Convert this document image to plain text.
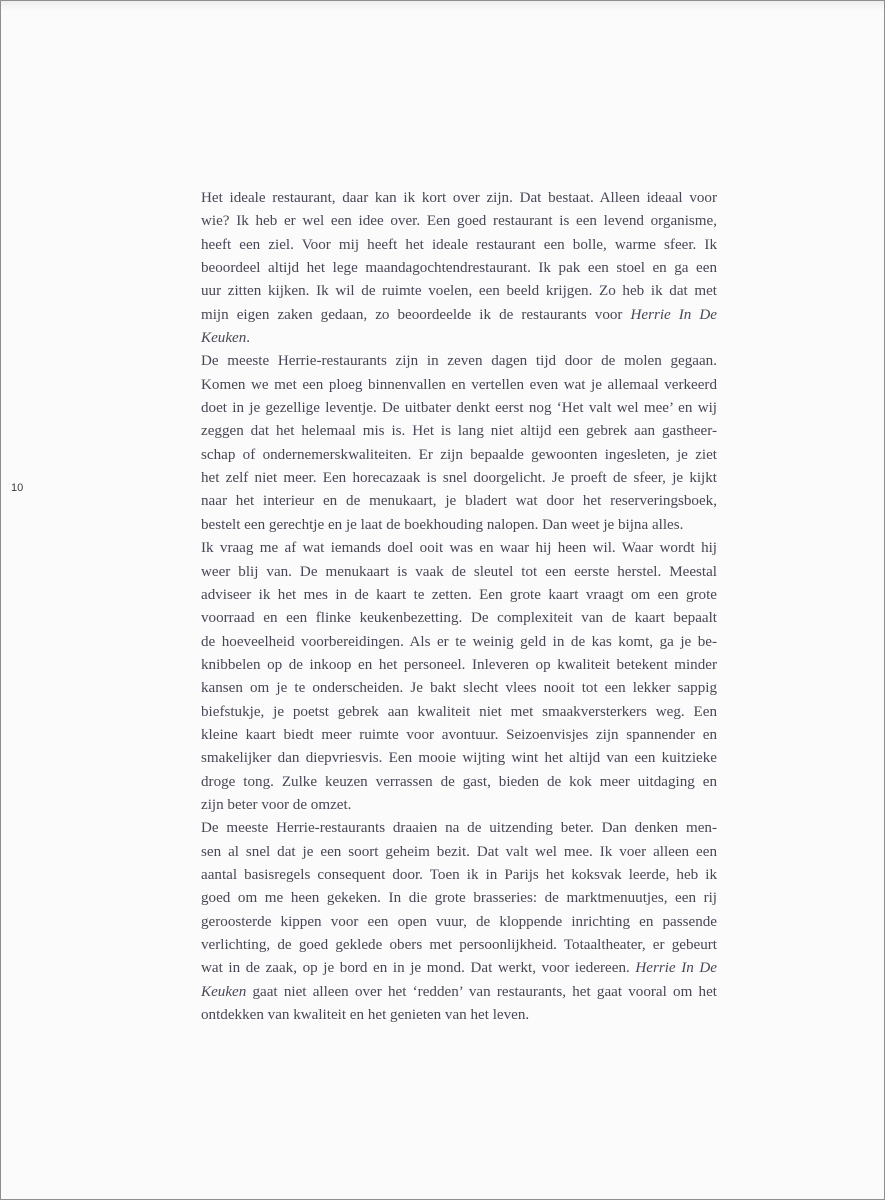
10

Het ideale restaurant, daar kan ik kort over zijn. Dat bestaat. Alleen ideaal voor
wie? Ik heb er wel een idee over. Een goed restaurant is een levend organisme,
heeft een ziel. Voor mij heeft het ideale restaurant een bolle, warme sfeer. Ik
beoordeel altijd het lege maandagochtendrestaurant. Ik pak een stoel en ga een
uur zitten kijken. Ik wil de ruimte voelen, een beeld krijgen. Zo heb ik dat met
mijn eigen zaken gedaan, zo beoordeelde ik de restaurants voor Herrie In De
Keuken.

De meeste Herrie-restaurants zijn in zeven dagen tijd door de molen gegaan.
Komen we met een ploeg binnenvallen en vertellen even wat je allemaal verkeerd
doet in je gezellige leventje. De uitbater denkt eerst nog ‘Het valt wel mee’ en wij
zeggen dat het helemaal mis is. Het is lang niet altijd een gebrek aan gastheer-
schap of ondernemerskwaliteiten. Er zijn bepaalde gewoonten ingesleten, je ziet
het zelf niet meer. Een horecazaak is snel doorgelicht. Je proeft de sfeer, je kijkt
naar het interieur en de menukaart, je bladert wat door het reserveringsboek,
bestelt een gerechtje en je laat de boekhouding nalopen. Dan weet je bijna alles.

Ik vraag me af wat iemands doel ooit was en waar hij heen wil. Waar wordt hij
weer blij van. De menukaart is vaak de sleutel tot een eerste herstel. Meestal
adviseer ik het mes in de kaart te zetten. Een grote kaart vraagt om een grote
voorraad en een flinke keukenbezetting. De complexiteit van de kaart bepaalt
de hoeveelheid voorbereidingen. Als er te weinig geld in de kas komt, ga je be-
knibbelen op de inkoop en het personeel. Inleveren op kwaliteit betekent minder
kansen om je te onderscheiden. Je bakt slecht vlees nooit tot een lekker sappig
biefstukje, je poetst gebrek aan kwaliteit niet met smaakversterkers weg. Een
kleine kaart biedt meer ruimte voor avontuur. Seizoenvisjes zijn spannender en
smakelijker dan diepvriesvis. Een mooie wijting wint het altijd van een kuitzieke
droge tong. Zulke keuzen verrassen de gast, bieden de kok meer uitdaging en
zijn beter voor de omzet.

De meeste Herrie-restaurants draaien na de uitzending beter. Dan denken men-
sen al snel dat je een soort geheim bezit. Dat valt wel mee. Ik voer alleen een
aantal basisregels consequent door. Toen ik in Parijs het koksvak leerde, heb ik
goed om me heen gekeken. In die grote brasseries: de marktmenuutjes, een rij
geroosterde kippen voor een open vuur, de kloppende inrichting en passende
verlichting, de goed geklede obers met persoonlijkheid. Totaaltheater, er gebeurt
wat in de zaak, op je bord en in je mond. Dat werkt, voor iedereen. Herrie In De
Keuken gaat niet alleen over het ‘redden’ van restaurants, het gaat vooral om het
ontdekken van kwaliteit en het genieten van het leven.
